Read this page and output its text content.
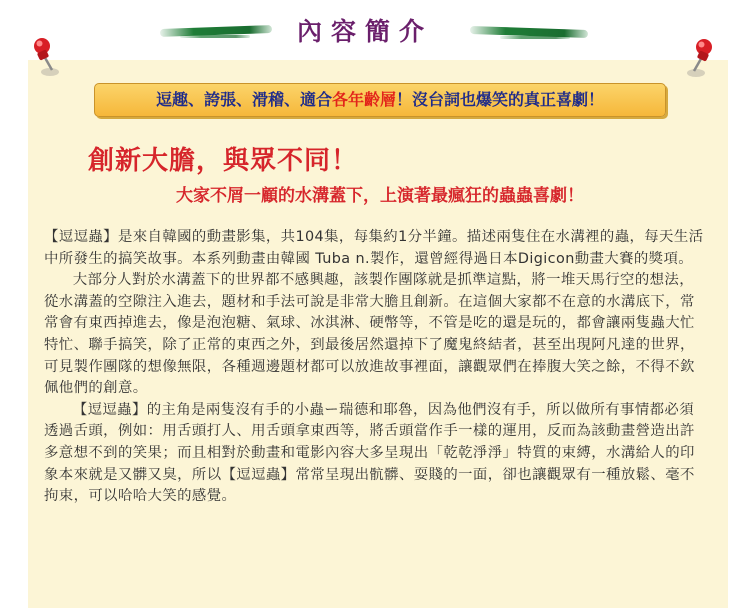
內容簡介
逗趣、誇張、滑稽、適合各年齡層！沒台詞也爆笑的真正喜劇！
創新大膽，與眾不同！
大家不屑一顧的水溝蓋下，上演著最瘋狂的蟲蟲喜劇！

【逗逗蟲】是來自韓國的動畫影集，共104集，每集約1分半鐘。描述兩隻住在水溝裡的蟲，每天生活中所發生的搞笑故事。本系列動畫由韓國 Tuba n.製作，還曾經得過日本Digicon動畫大賽的獎項。

大部分人對於水溝蓋下的世界都不感興趣，該製作團隊就是抓準這點，將一堆天馬行空的想法，從水溝蓋的空隙注入進去，題材和手法可說是非常大膽且創新。在這個大家都不在意的水溝底下，常常會有東西掉進去，像是泡泡糖、氣球、冰淇淋、硬幣等，不管是吃的還是玩的，都會讓兩隻蟲大忙特忙、聯手搞笑，除了正常的東西之外，到最後居然還掉下了魔鬼終結者，甚至出現阿凡達的世界，可見製作團隊的想像無限，各種週邊題材都可以放進故事裡面，讓觀眾們在捧腹大笑之餘，不得不欽佩他們的創意。

【逗逗蟲】的主角是兩隻沒有手的小蟲ー瑞德和耶魯，因為他們沒有手，所以做所有事情都必須透過舌頭，例如：用舌頭打人、用舌頭拿東西等，將舌頭當作手一樣的運用，反而為該動畫營造出許多意想不到的笑果；而且相對於動畫和電影內容大多呈現出「乾乾淨淨」特質的束縛，水溝給人的印象本來就是又髒又臭，所以【逗逗蟲】常常呈現出骯髒、耍賤的一面，卻也讓觀眾有一種放鬆、毫不拘束，可以哈哈大笑的感覺。
